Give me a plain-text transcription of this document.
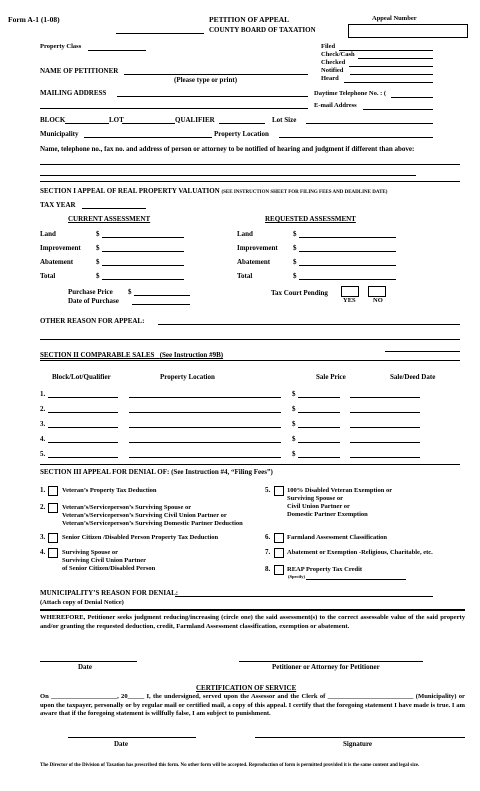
Form A-1 (1-08)	PETITION OF APPEAL	Appeal Number
COUNTY BOARD OF TAXATION
Filed
Check/Cash
Checked
Notified
Heard
Property Class
NAME OF PETITIONER
(Please type or print)
MAILING ADDRESS	Daytime Telephone No. : (
E-mail Address
BLOCK	LOT	QUALIFIER	Lot Size
Municipality	Property Location
Name, telephone no., fax no. and address of person or attorney to be notified of hearing and judgment if different than above:
SECTION I APPEAL OF REAL PROPERTY VALUATION (SEE INSTRUCTION SHEET FOR FILING FEES AND DEADLINE DATE)
TAX YEAR
CURRENT ASSESSMENT	REQUESTED ASSESSMENT
Land	$	Land	$
Improvement $	Improvement $
Abatement	$	Abatement	$
Total	$	Total	$
Purchase Price $
Date of Purchase
Tax Court Pending
YES	NO
OTHER REASON FOR APPEAL:
SECTION II COMPARABLE SALES (See Instruction #9B)
Block/Lot/Qualifier	Property Location	Sale Price	Sale/Deed Date
1.	$
2.	$
3.	$
4.	$
5.	$
SECTION III APPEAL FOR DENIAL OF: (See Instruction #4, “Filing Fees”)
1.	Veteran’s Property Tax Deduction	5.	100% Disabled Veteran Exemption or
Surviving Spouse or
Civil Union Partner or
Domestic Partner Exemption
2.	Veteran’s/Serviceperson’s Surviving Spouse or
Veteran’s/Serviceperson’s Surviving Civil Union Partner or
Veteran’s/Serviceperson’s Surviving Domestic Partner Deduction
3.	Senior Citizen /Disabled Person Property Tax Deduction	6.	Farmland Assessment Classification
4.	Surviving Spouse or
Surviving Civil Union Partner
of Senior Citizen/Disabled Person
7.	Abatement or Exemption -Religious, Charitable, etc.
8.	REAP Property Tax Credit
(Specify)
MUNICIPALITY’S REASON FOR DENIAL:
(Attach copy of Denial Notice)
WHEREFORE, Petitioner seeks judgment reducing/increasing (circle one) the said assessment(s) to the correct assessable value of the said property and/or granting the requested deduction, credit, Farmland Assessment classification, exemption or abatement.
Date	Petitioner or Attorney for Petitioner
CERTIFICATION OF SERVICE
On ____________________, 20_____ I, the undersigned, served upon the Assessor and the Clerk of __________________________ (Municipality) or upon the taxpayer, personally or by regular mail or certified mail, a copy of this appeal. I certify that the foregoing statement I have made is true. I am aware that if the foregoing statement is willfully false, I am subject to punishment.
Date	Signature
The Director of the Division of Taxation has prescribed this form. No other form will be accepted. Reproduction of form is permitted provided it is the same content and legal size.
